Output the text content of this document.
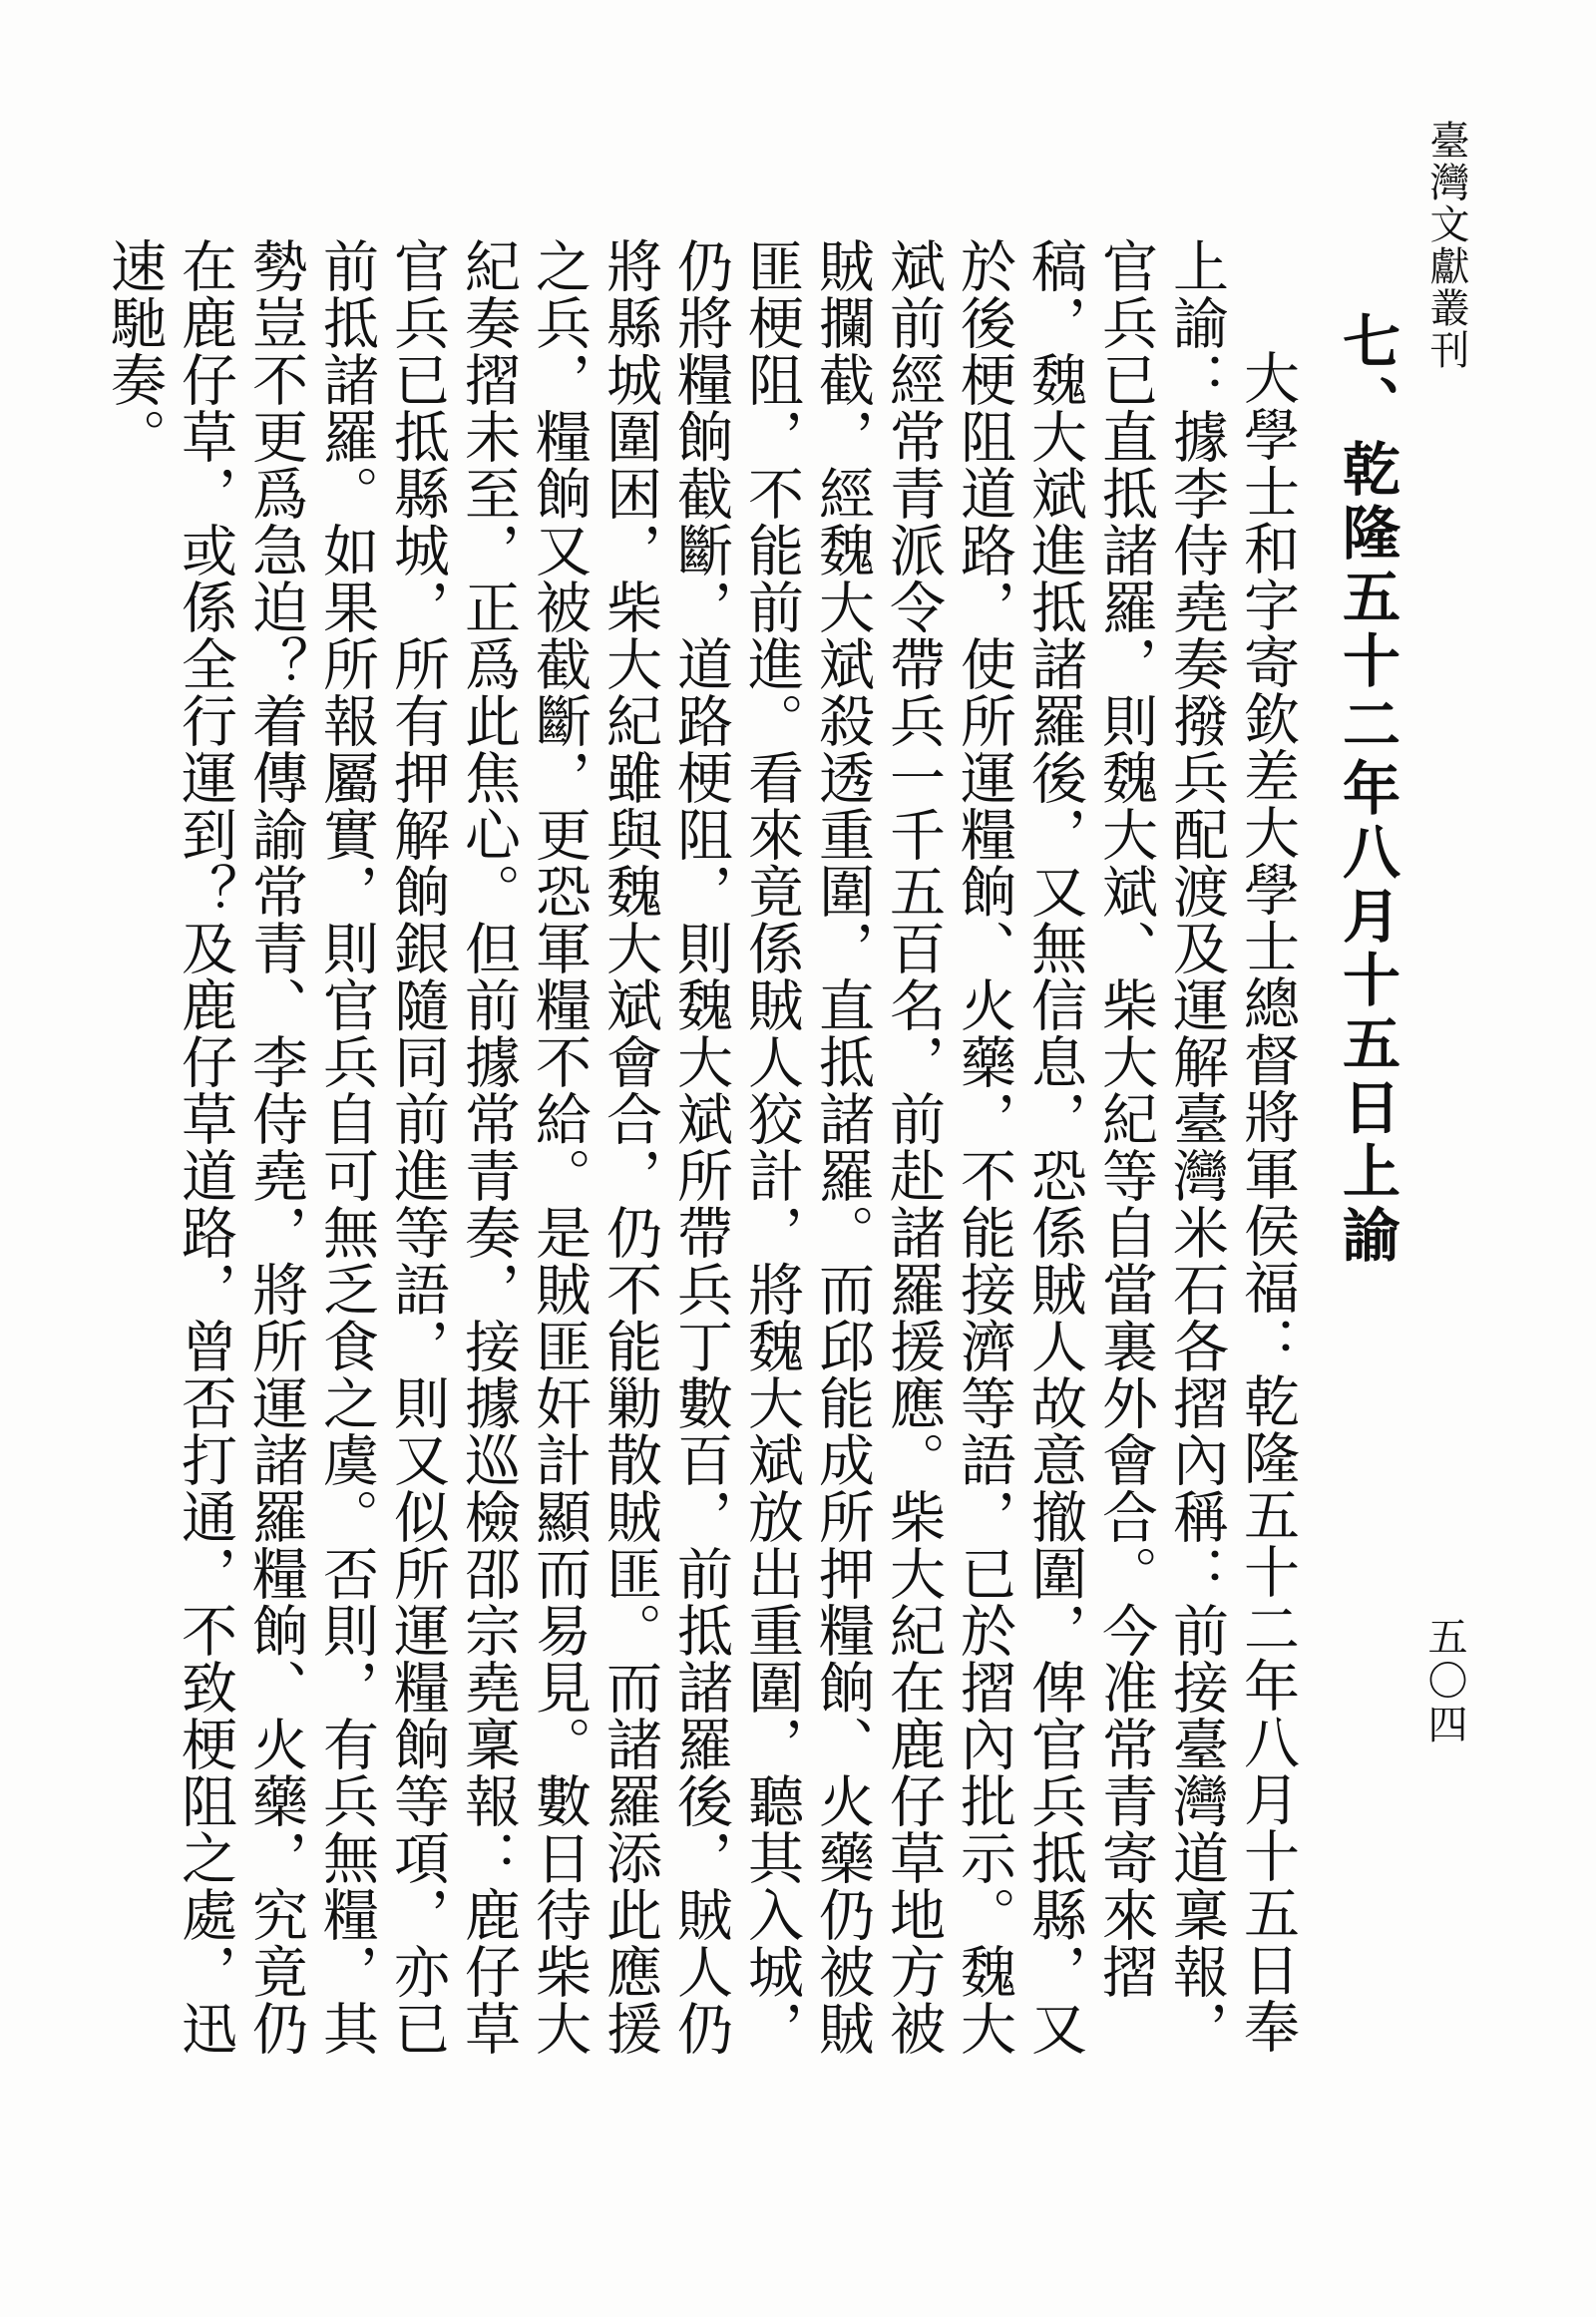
臺灣文獻叢刊
五〇四
七、乾隆五十二年八月十五日上諭

大學士和字寄欽差大學士總督將軍侯福：乾隆五十二年八月十五日奉上諭：據李侍堯奏撥兵配渡及運解臺灣米石各摺內稱：前接臺灣道稟報，官兵已直抵諸羅，則魏大斌、柴大紀等自當裏外會合。今准常青寄來摺稿，魏大斌進抵諸羅後，又無信息，恐係賊人故意撤圍，俾官兵抵縣，又於後梗阻道路，使所運糧餉、火藥，不能接濟等語，已於摺內批示。魏大斌前經常青派令帶兵一千五百名，前赴諸羅援應。柴大紀在鹿仔草地方被賊攔截，經魏大斌殺透重圍，直抵諸羅。而邱能成所押糧餉、火藥仍被賊匪梗阻，不能前進。看來竟係賊人狡計，將魏大斌放出重圍，聽其入城，仍將糧餉截斷，道路梗阻，則魏大斌所帶兵丁數百，前抵諸羅後，賊人仍將縣城圍困，柴大紀雖與魏大斌會合，仍不能勦散賊匪。而諸羅添此應援之兵，糧餉又被截斷，更恐軍糧不給。是賊匪奸計顯而易見。數日待柴大紀奏摺未至，正爲此焦心。但前據常青奏，接據巡檢邵宗堯稟報：鹿仔草官兵已抵縣城，所有押解餉銀隨同前進等語，則又似所運糧餉等項，亦已前抵諸羅。如果所報屬實，則官兵自可無乏食之虞。否則，有兵無糧，其勢豈不更爲急迫？着傳諭常青、李侍堯，將所運諸羅糧餉、火藥，究竟仍在鹿仔草，或係全行運到？及鹿仔草道路，曾否打通，不致梗阻之處，迅速馳奏。
